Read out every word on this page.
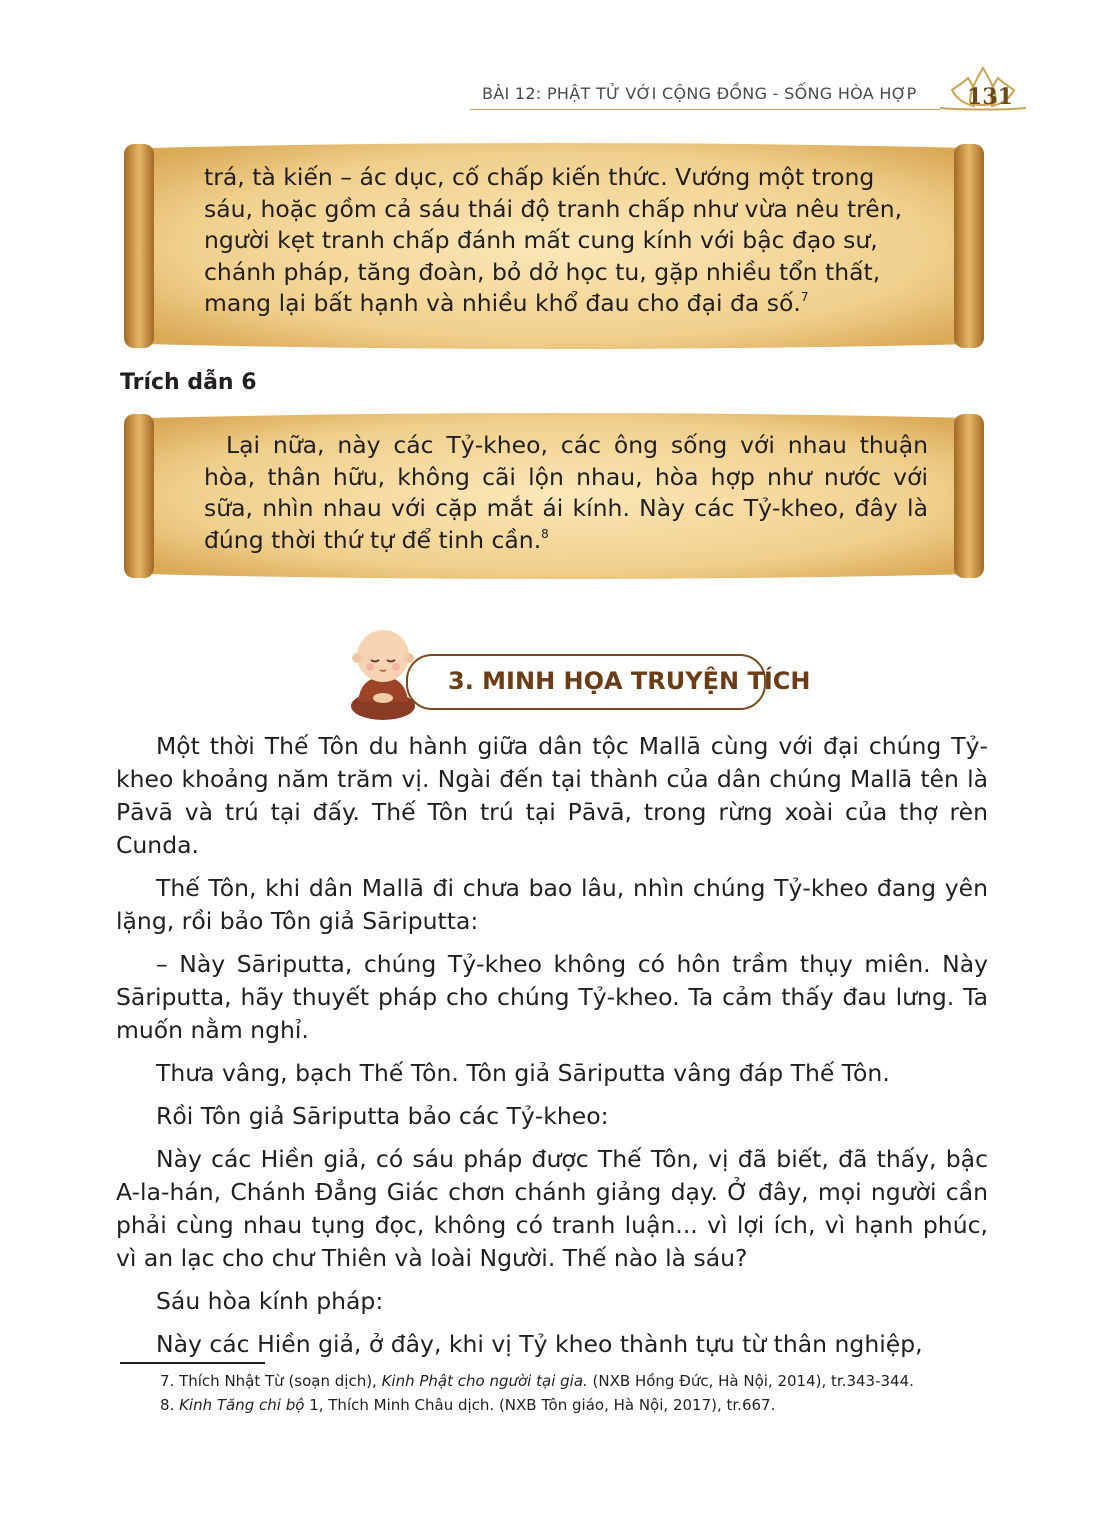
BÀI 12: PHẬT TỬ VỚI CỘNG ĐỒNG - SỐNG HÒA HỢP 131

trá, tà kiến – ác dục, cố chấp kiến thức. Vướng một trong

sáu, hoặc gồm cả sáu thái độ tranh chấp như vừa nêu trên,

người kẹt tranh chấp đánh mất cung kính với bậc đạo sư,

chánh pháp, tăng đoàn, bỏ dở học tu, gặp nhiều tổn thất,

mang lại bất hạnh và nhiều khổ đau cho đại đa số.$^7$

Trích dẫn 6

Lại nữa, này các Tỷ-kheo, các ông sống với nhau thuận hòa, thân hữu, không cãi lộn nhau, hòa hợp như nước với sữa, nhìn nhau với cặp mắt ái kính. Này các Tỷ-kheo, đây là đúng thời thứ tự để tinh cần.$^8$

3. MINH HỌA TRUYỆN TÍCH

Một thời Thế Tôn du hành giữa dân tộc Mallā cùng với đại chúng Tỷ-kheo khoảng năm trăm vị. Ngài đến tại thành của dân chúng Mallā tên là Pāvā và trú tại đấy. Thế Tôn trú tại Pāvā, trong rừng xoài của thợ rèn Cunda.

Thế Tôn, khi dân Mallā đi chưa bao lâu, nhìn chúng Tỷ-kheo đang yên lặng, rồi bảo Tôn giả Sāriputta:

– Này Sāriputta, chúng Tỷ-kheo không có hôn trầm thụy miên. Này Sāriputta, hãy thuyết pháp cho chúng Tỷ-kheo. Ta cảm thấy đau lưng. Ta muốn nằm nghỉ.

Thưa vâng, bạch Thế Tôn. Tôn giả Sāriputta vâng đáp Thế Tôn.

Rồi Tôn giả Sāriputta bảo các Tỷ-kheo:

Này các Hiền giả, có sáu pháp được Thế Tôn, vị đã biết, đã thấy, bậc A-la-hán, Chánh Đẳng Giác chơn chánh giảng dạy. Ở đây, mọi người cần phải cùng nhau tụng đọc, không có tranh luận... vì lợi ích, vì hạnh phúc, vì an lạc cho chư Thiên và loài Người. Thế nào là sáu?

Sáu hòa kính pháp:

Này các Hiền giả, ở đây, khi vị Tỷ kheo thành tựu từ thân nghiệp,

7. Thích Nhật Từ (soạn dịch), Kinh Phật cho người tại gia. (NXB Hồng Đức, Hà Nội, 2014), tr.343-344.

8. Kinh Tăng chi bộ 1, Thích Minh Châu dịch. (NXB Tôn giáo, Hà Nội, 2017), tr.667.
